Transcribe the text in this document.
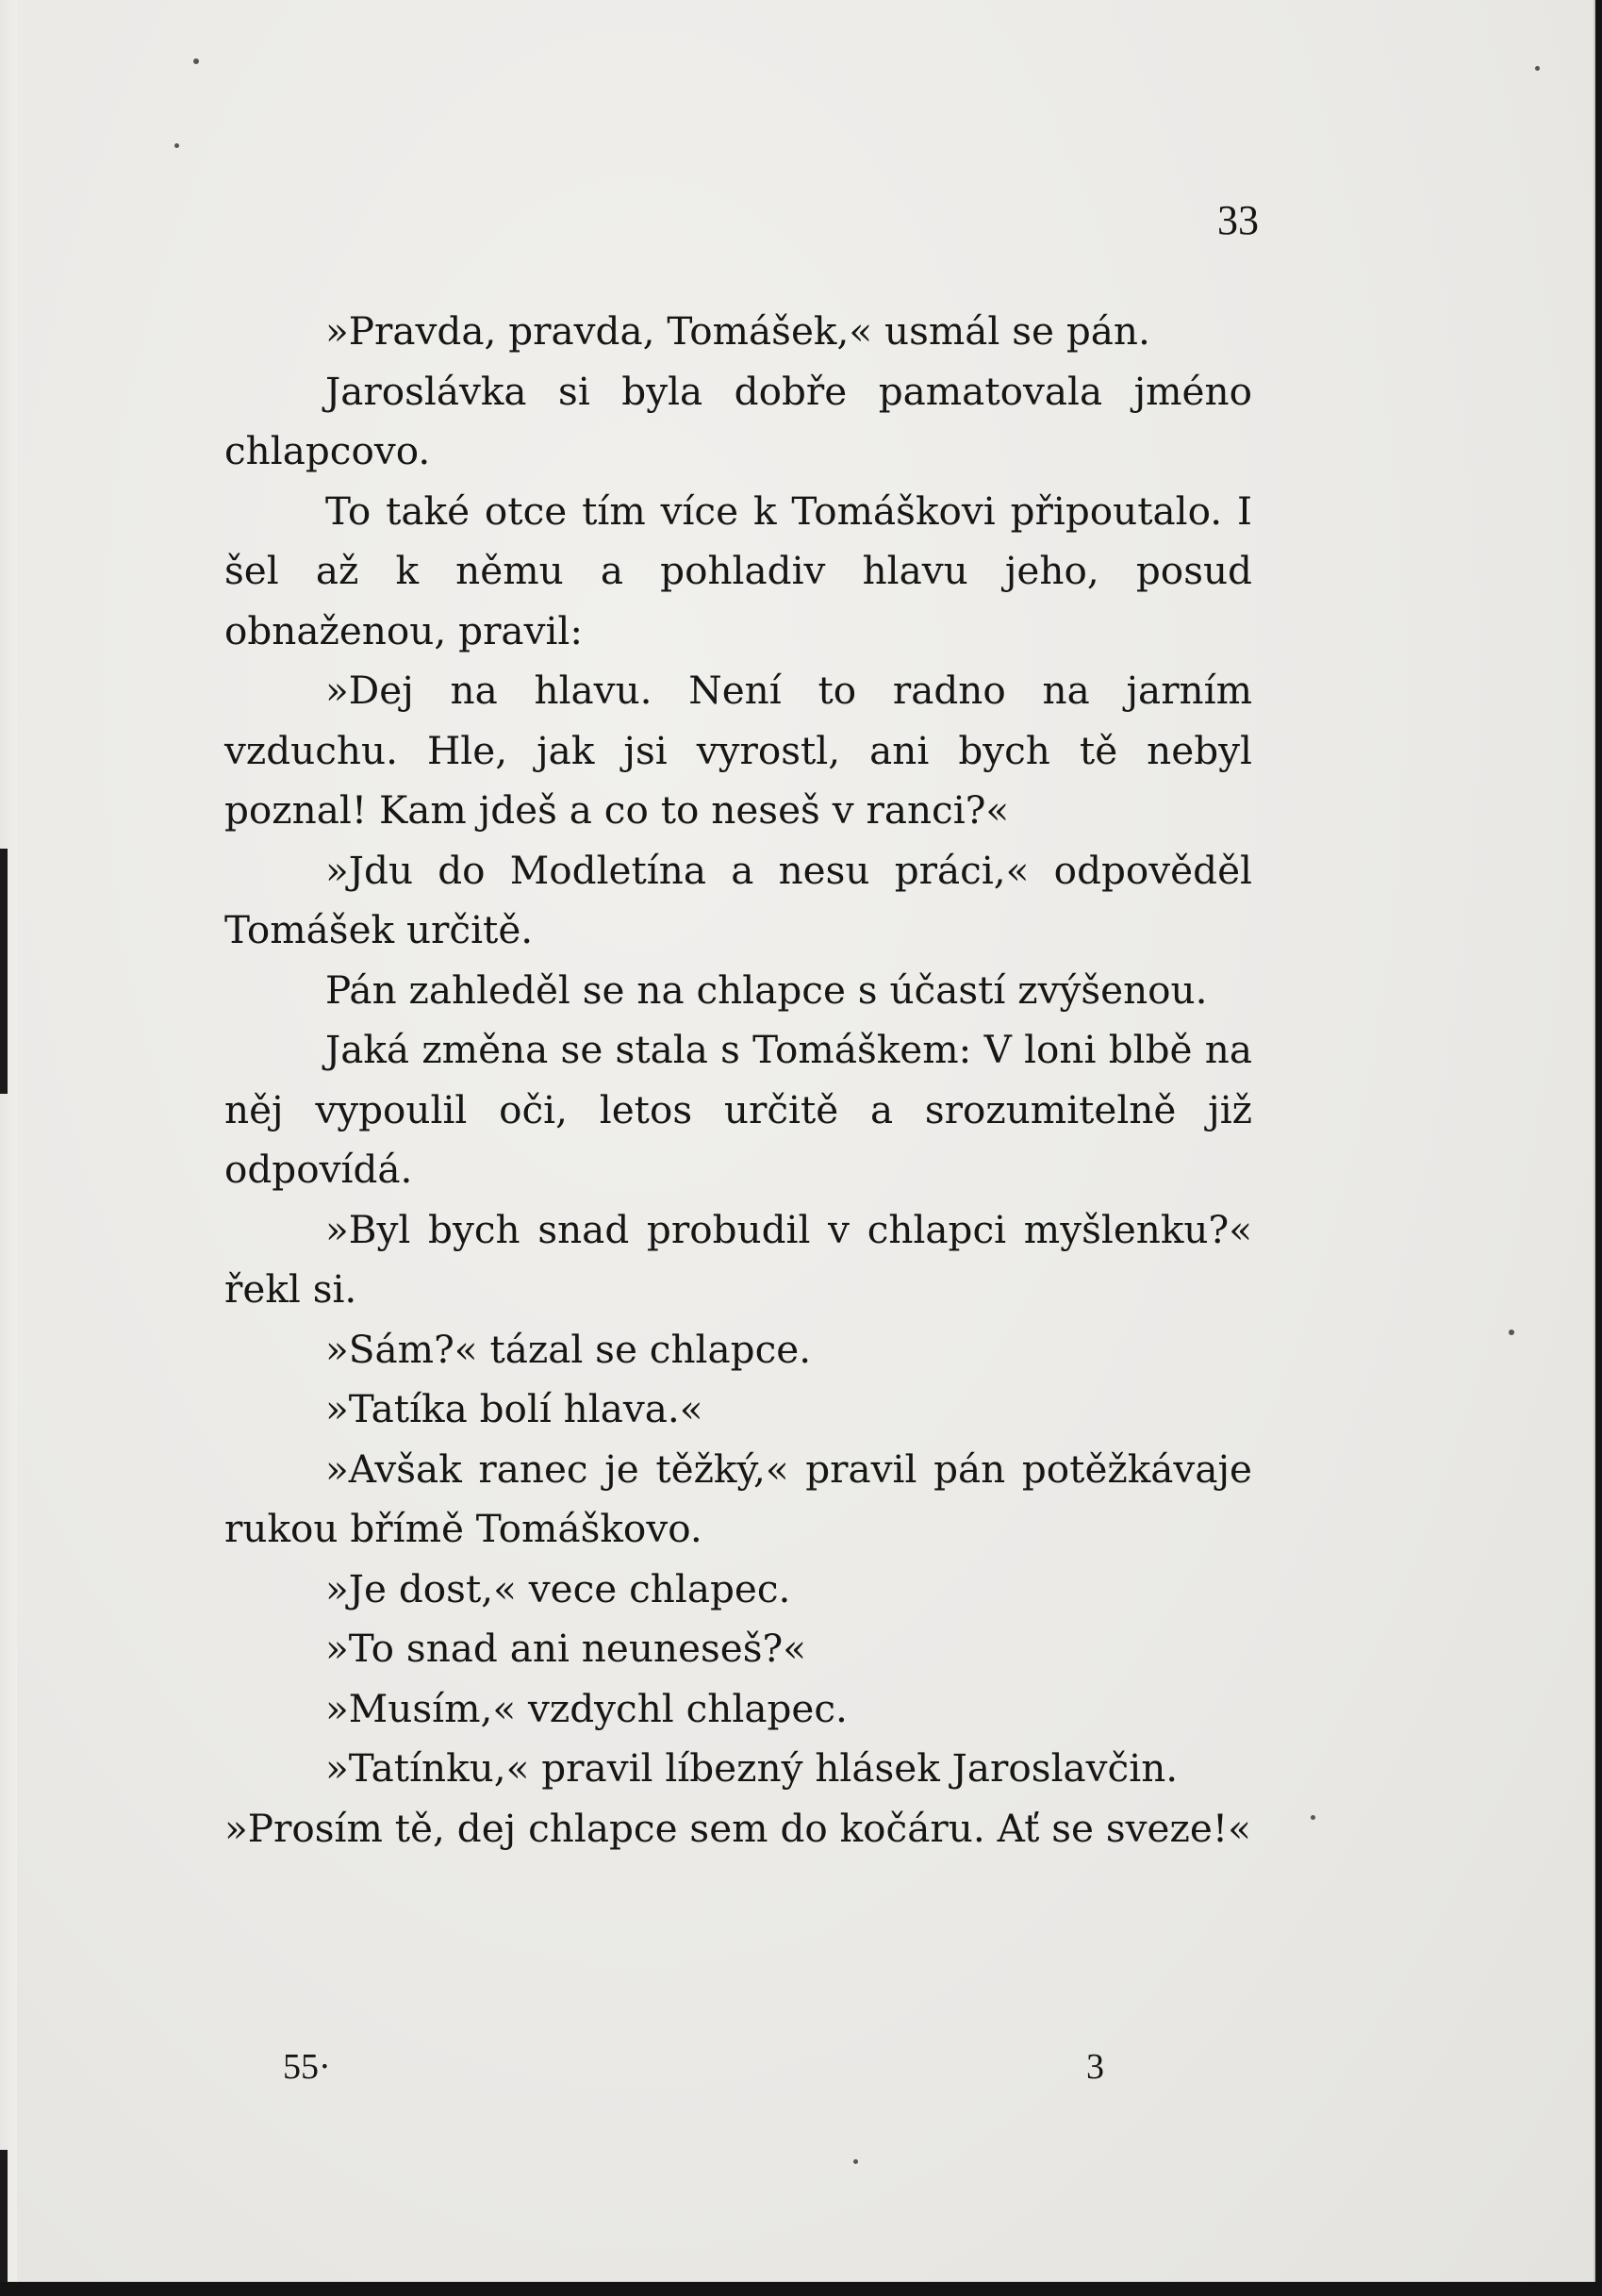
33

»Pravda, pravda, Tomášek,« usmál se pán.

Jaroslávka si byla dobře pamatovala jméno chlapcovo.

To také otce tím více k Tomáškovi připoutalo. I šel až k němu a pohladiv hlavu jeho, posud obnaženou, pravil:

»Dej na hlavu. Není to radno na jarním vzduchu. Hle, jak jsi vyrostl, ani bych tě nebyl poznal! Kam jdeš a co to neseš v ranci?«

»Jdu do Modletína a nesu práci,« odpověděl Tomášek určitě.

Pán zahleděl se na chlapce s účastí zvýšenou.

Jaká změna se stala s Tomáškem: V loni blbě na něj vypoulil oči, letos určitě a srozumitelně již odpovídá.

»Byl bych snad probudil v chlapci myšlenku?« řekl si.

»Sám?« tázal se chlapce.

»Tatíka bolí hlava.«

»Avšak ranec je těžký,« pravil pán potěžkávaje rukou břímě Tomáškovo.

»Je dost,« vece chlapec.

»To snad ani neuneseš?«

»Musím,« vzdychl chlapec.

»Tatínku,« pravil líbezný hlásek Jaroslavčin.

»Prosím tě, dej chlapce sem do kočáru. Ať se sveze!«

55·	3
